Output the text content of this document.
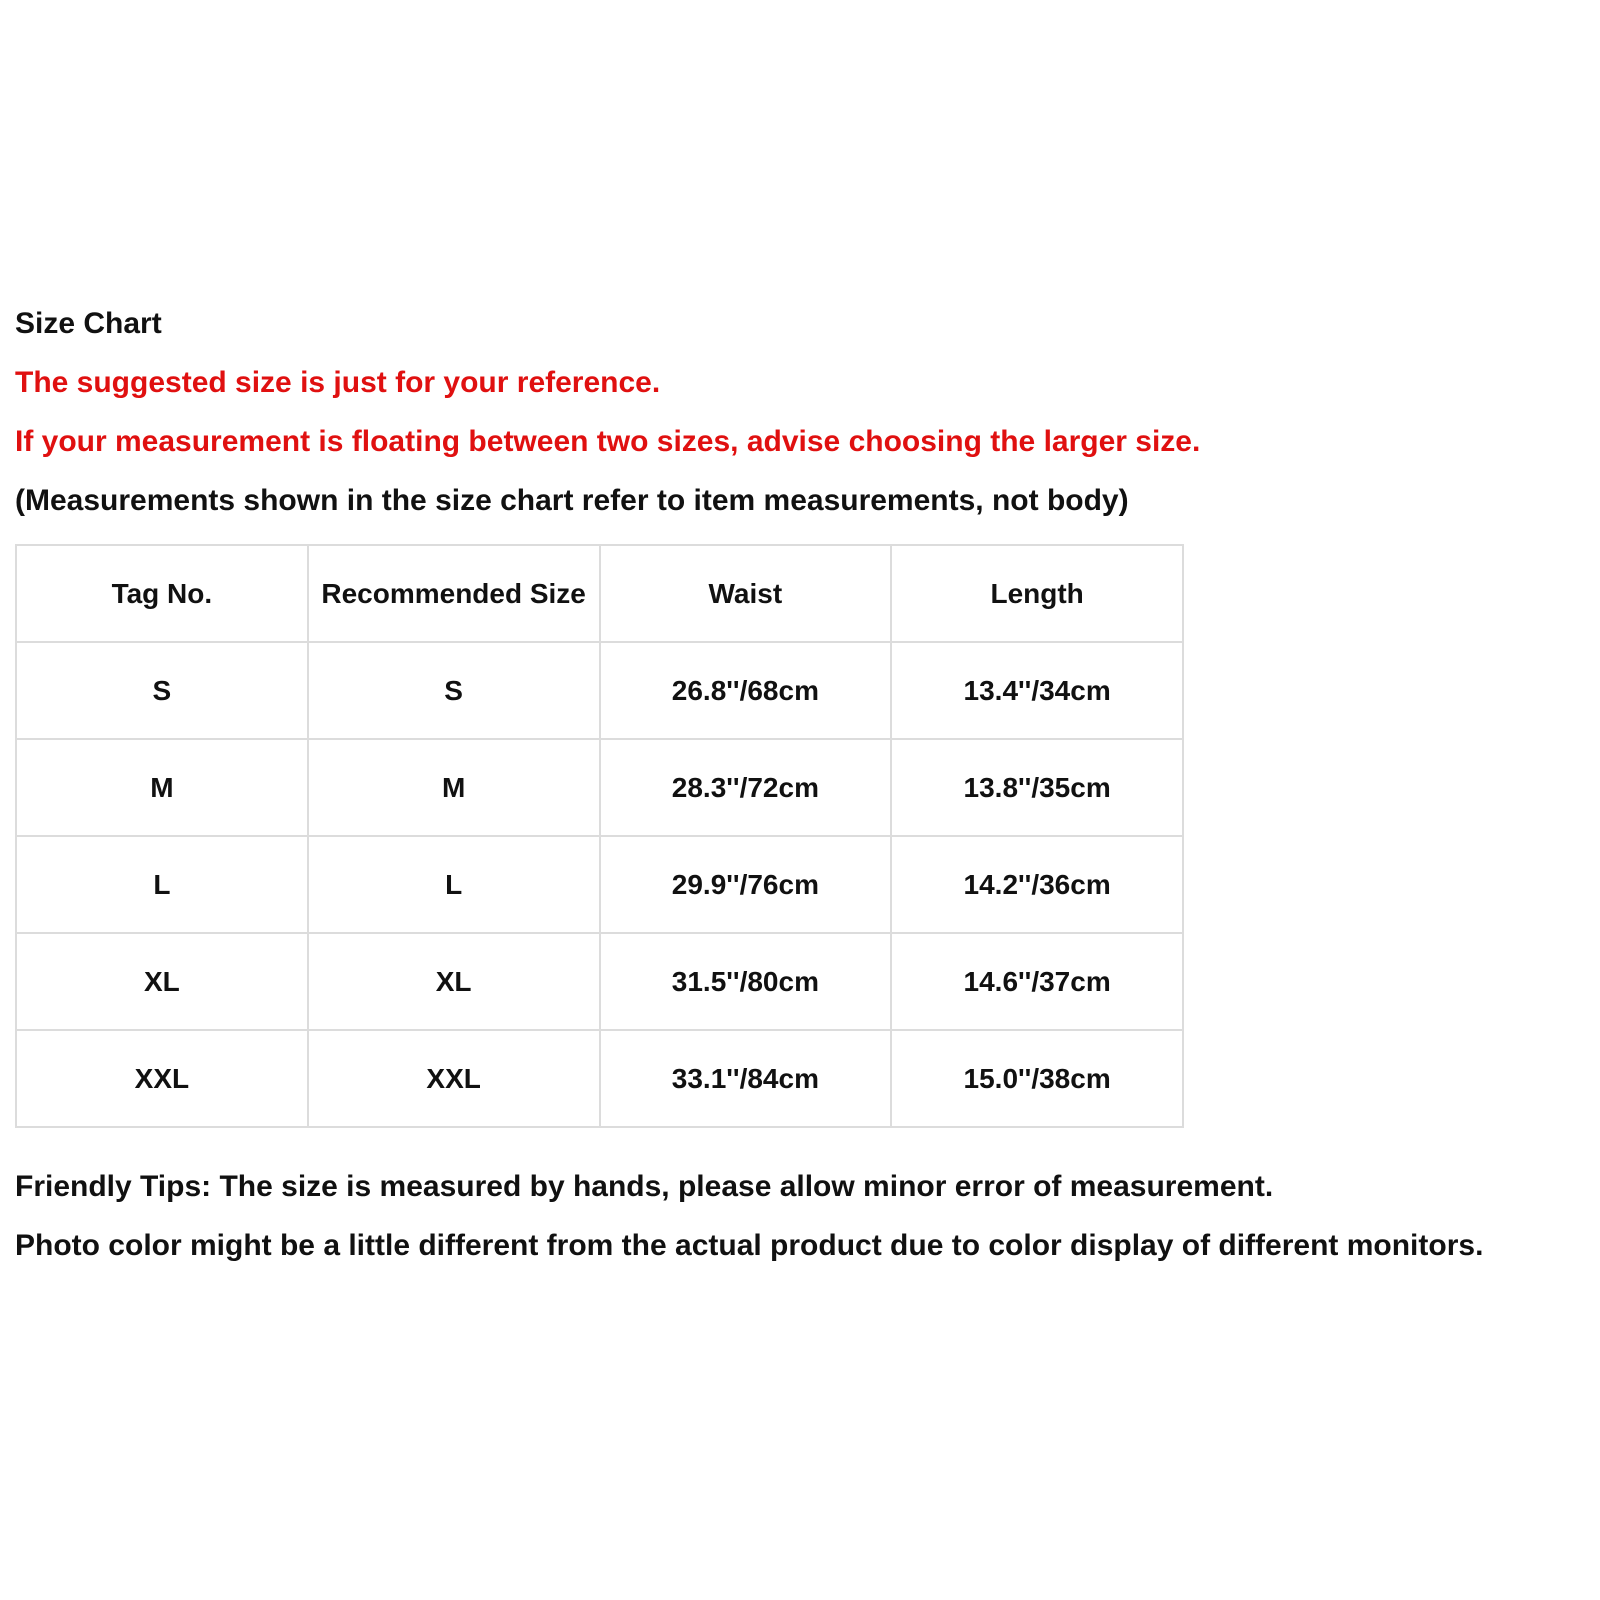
Size Chart
The suggested size is just for your reference.
If your measurement is floating between two sizes, advise choosing the larger size.
(Measurements shown in the size chart refer to item measurements, not body)
Tag No.	Recommended Size	Waist	Length
S	S	26.8''/68cm	13.4''/34cm
M	M	28.3''/72cm	13.8''/35cm
L	L	29.9''/76cm	14.2''/36cm
XL	XL	31.5''/80cm	14.6''/37cm
XXL	XXL	33.1''/84cm	15.0''/38cm
Friendly Tips: The size is measured by hands, please allow minor error of measurement.
Photo color might be a little different from the actual product due to color display of different monitors.
